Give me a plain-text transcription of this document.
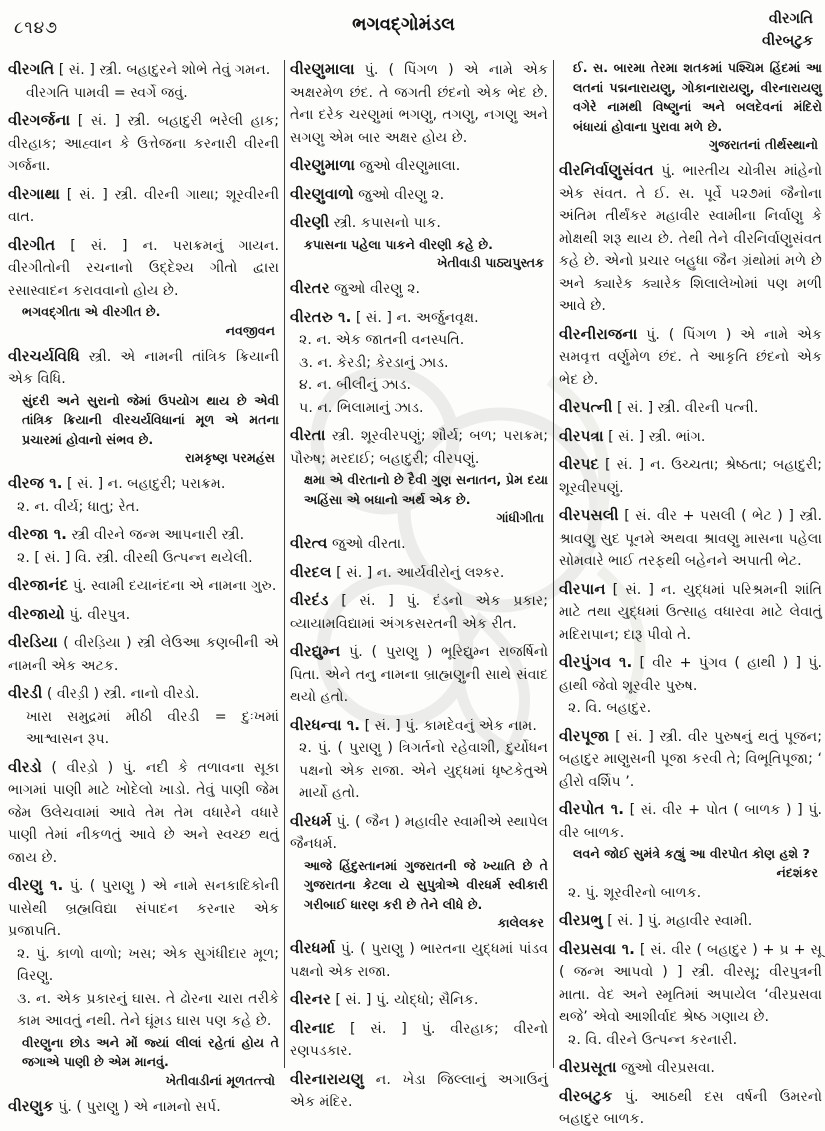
૮૧૪૭	ભગવદ્ગોમંડલ	વીરગતિ
વીરબટુક

વીરગતિ [ સં. ] સ્ત્રી. બહાદુરને શોભે તેવું ગમન.

વીરગતિ પામવી = સ્વર્ગે જવું.

વીરગર્જના [ સં. ] સ્ત્રી. બહાદુરી ભરેલી હાક; વીરહાક; આહ્વાન કે ઉત્તેજના કરનારી વીરની ગર્જના.

વીરગાથા [ સં. ] સ્ત્રી. વીરની ગાથા; શૂરવીરની વાત.

વીરગીત [ સં. ] ન. પરાક્રમનું ગાયન. વીરગીતોની રચનાનો ઉદ્દેશ્ય ગીતો દ્વારા રસાસ્વાદન કરાવવાનો હોય છે.

ભગવદ્ગીતા એ વીરગીત છે.

નવજીવન

વીરચર્યવિધિ સ્ત્રી. એ નામની તાંત્રિક ક્રિયાની એક વિધિ.

સુંદરી અને સુરાનો જેમાં ઉપયોગ થાય છે એવી તાંત્રિક ક્રિયાની વીરચર્યવિધાનાં મૂળ એ મતના પ્રચારમાં હોવાનો સંભવ છે.

રામકૃષ્ણ પરમહંસ

વીરજ ૧. [ સં. ] ન. બહાદુરી; પરાક્રમ.

૨. ન. વીર્ય; ધાતુ; રેત.

વીરજા ૧. સ્ત્રી વીરને જન્મ આપનારી સ્ત્રી.

૨. [ સં. ] વિ. સ્ત્રી. વીરથી ઉત્પન્ન થયેલી.

વીરજાનંદ પું. સ્વામી દયાનંદના એ નામના ગુરુ.

વીરજાયો પું. વીરપુત્ર.

વીરડિયા ( વીરડ઼િયા ) સ્ત્રી લેઉઆ કણબીની એ નામની એક અટક.

વીરડી ( વીરડ઼ી ) સ્ત્રી. નાનો વીરડો.

ખારા સમુદ્રમાં મીઠી વીરડી = દુઃખમાં આશ્વાસન રૂપ.

વીરડો ( વીરડ઼ો ) પું. નદી કે તળાવના સૂકા ભાગમાં પાણી માટે ખોદેલો ખાડો. તેવું પાણી જેમ જેમ ઉલેચવામાં આવે તેમ તેમ વધારેને વધારે પાણી તેમાં નીકળતું આવે છે અને સ્વચ્છ થતું જાય છે.

વીરણુ ૧. પું. ( પુરાણુ ) એ નામે સનકાદિકોની પાસેથી બ્રહ્મવિદ્યા સંપાદન કરનાર એક પ્રજાપતિ.

૨. પું. કાળો વાળો; ખસ; એક સુગંધીદાર મૂળ; વિરણુ.

૩. ન. એક પ્રકારનું ઘાસ. તે ઢોરના ચારા તરીકે કામ આવતું નથી. તેને ઘૂંમડ ઘાસ પણ કહે છે.

વીરણુના છોડ અને મોં જ્યાં લીલાં રહેતાં હોય તે જગાએ પાણી છે એમ માનવું.

ખેતીવાડીનાં મૂળતત્ત્વો

વીરણુક પું. ( પુરાણુ ) એ નામનો સર્પ.

વીરણુમાલા પું. ( પિંગળ ) એ નામે એક અક્ષરમેળ છંદ. તે જગતી છંદનો એક ભેદ છે. તેના દરેક ચરણુમાં ભગણુ, તગણુ, નગણુ અને સગણુ એમ બાર અક્ષર હોય છે.

વીરણુમાળા જુઓ વીરણુમાલા.

વીરણુવાળો જુઓ વીરણુ ૨.

વીરણી સ્ત્રી. કપાસનો પાક.

કપાસના પહેલા પાકને વીરણી કહે છે.

ખેતીવાડી પાઠ્યપુસ્તક

વીરતર જુઓ વીરણુ ૨.

વીરતરુ ૧. [ સં. ] ન. અર્જુનવૃક્ષ.

૨. ન. એક જાતની વનસ્પતિ.

૩. ન. કેરડી; કેરડાનું ઝાડ.

૪. ન. બીલીનું ઝાડ.

૫. ન. ભિલામાનું ઝાડ.

વીરતા સ્ત્રી. શૂરવીરપણું; શૌર્ય; બળ; પરાક્રમ; પૌરુષ; મરદાઈ; બહાદુરી; વીરપણું.

ક્ષમા એ વીરતાનો છે દૈવી ગુણ સનાતન, પ્રેમ દયા અહિંસા એ બધાનો અર્થ એક છે.

ગાંધીગીતા

વીરત્વ જુઓ વીરતા.

વીરદલ [ સં. ] ન. આર્યવીરોનું લશ્કર.

વીરદંડ [ સં. ] પું. દંડનો એક પ્રકાર; વ્યાયામવિદ્યામાં અંગકસરતની એક રીત.

વીરદ્યુમ્ન પું. ( પુરાણુ ) ભૂરિદ્યુમ્ન રાજર્ષિનો પિતા. એને તનુ નામના બ્રાહ્મણુની સાથે સંવાદ થયો હતો.

વીરધન્વા ૧. [ સં. ] પું. કામદેવનું એક નામ.

૨. પું. ( પુરાણુ ) ત્રિગર્તનો રહેવાશી, દુર્યોધન પક્ષનો એક રાજા. એને યુદ્ધમાં ધૃષ્ટકેતુએ માર્યો હતો.

વીરધર્મ પું. ( જૈન ) મહાવીર સ્વામીએ સ્થાપેલ જૈનધર્મ.

આજે હિંદુસ્તાનમાં ગુજરાતની જે ખ્યાતિ છે તે ગુજરાતના કેટલા યે સુપુત્રોએ વીરધર્મ સ્વીકારી ગરીબાઈ ધારણ કરી છે તેને લીધે છે.

કાલેલકર

વીરધર્મા પું. ( પુરાણુ ) ભારતના યુદ્ધમાં પાંડવ પક્ષનો એક રાજા.

વીરનર [ સં. ] પું. યોદ્ધો; સૈનિક.

વીરનાદ [ સં. ] પું. વીરહાક; વીરનો રણપડકાર.

વીરનારાયણુ ન. ખેડા જિલ્લાનું અગાઉનું એક મંદિર.

ઈ. સ. બારમા તેરમા શતકમાં પશ્ચિમ હિંદમાં આ લતનાં પદ્મનારાયણુ, ગોકાનારાયણુ, વીરનારાયણુ વગેરે નામથી વિષ્ણુનાં અને બલદેવનાં મંદિરો બંધાયાં હોવાના પુરાવા મળે છે.

ગુજરાતનાં તીર્થસ્થાનો

વીરનિર્વાણુસંવત પું. ભારતીય ચોત્રીસ માંહેનો એક સંવત. તે ઈ. સ. પૂર્વે ૫૨૭માં જૈનોના અંતિમ તીર્થંકર મહાવીર સ્વામીના નિર્વાણુ કે મોક્ષથી શરૂ થાય છે. તેથી તેને વીરનિર્વાણુસંવત કહે છે. એનો પ્રચાર બહુધા જૈન ગ્રંથોમાં મળે છે અને ક્યારેક ક્યારેક શિલાલેખોમાં પણ મળી આવે છે.

વીરનીરાજના પું. ( પિંગળ ) એ નામે એક સમવૃત્ત વર્ણુમેળ છંદ. તે આકૃતિ છંદનો એક ભેદ છે.

વીરપત્ની [ સં. ] સ્ત્રી. વીરની પત્ની.

વીરપત્રા [ સં. ] સ્ત્રી. ભાંગ.

વીરપદ [ સં. ] ન. ઉચ્ચતા; શ્રેષ્ઠતા; બહાદુરી; શૂરવીરપણું.

વીરપસલી [ સં. વીર + પસલી ( ભેટ ) ] સ્ત્રી. શ્રાવણુ સુદ પૂનમે અથવા શ્રાવણુ માસના પહેલા સોમવારે ભાઈ તરફથી બહેનને અપાતી ભેટ.

વીરપાન [ સં. ] ન. યુદ્ધમાં પરિશ્રમની શાંતિ માટે તથા યુદ્ધમાં ઉત્સાહ વધારવા માટે લેવાતું મદિરાપાન; દારૂ પીવો તે.

વીરપુંગવ ૧. [ વીર + પુંગવ ( હાથી ) ] પું. હાથી જેવો શૂરવીર પુરુષ.

૨. વિ. બહાદુર.

વીરપૂજા [ સં. ] સ્ત્રી. વીર પુરુષનું થતું પૂજન; બહાદુર માણુસની પૂજા કરવી તે; વિભૂતિપૂજા; ‘ હીરો વર્શિપ ’.

વીરપોત ૧. [ સં. વીર + પોત ( બાળક ) ] પું. વીર બાળક.

લવને જોઈ સુમંત્રે કહ્યું આ વીરપોત કોણ હશે ?

નંદશંકર

૨. પું. શૂરવીરનો બાળક.

વીરપ્રભુ [ સં. ] પું. મહાવીર સ્વામી.

વીરપ્રસવા ૧. [ સં. વીર ( બહાદુર ) + પ્ર + સૂ ( જન્મ આપવો ) ] સ્ત્રી. વીરસૂ; વીરપુત્રની માતા. વેદ અને સ્મૃતિમાં અપાયેલ ‘વીરપ્રસવા થજે’ એવો આશીર્વાદ શ્રેષ્ઠ ગણાય છે.

૨. વિ. વીરને ઉત્પન્ન કરનારી.

વીરપ્રસૂતા જુઓ વીરપ્રસવા.

વીરબટુક પું. આઠથી દસ વર્ષની ઉમરનો બહાદુર બાળક.
